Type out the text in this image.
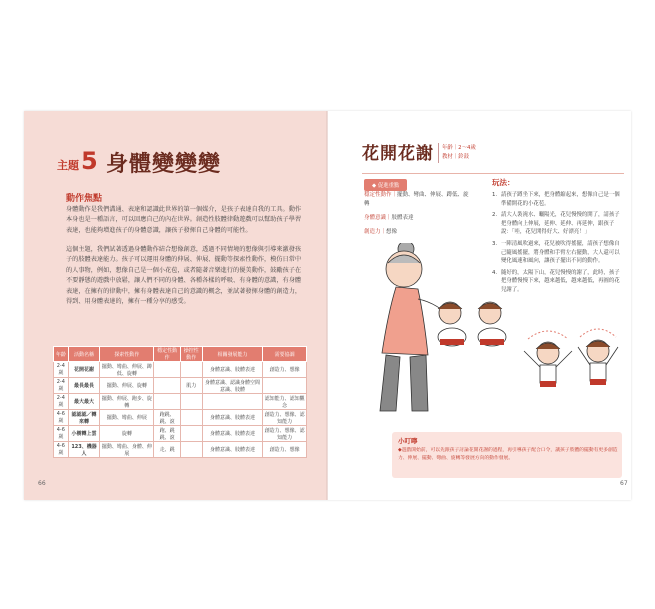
主題 5 身體變變變
動作焦點
身體動作是我們溝通、表達和認識此世界的第一個媒介，是孩子表達自我的工具。動作本身也是一種語言，可以回應自己的內在世界。創造性肢體律動遊戲可以幫助孩子學習表達，也能夠增進孩子的身體意識，讓孩子發揮自己身體的可能性。
這個主題，我們試著透過身體動作結合想像創意，透過不同情境的想像與引導來激發孩子的肢體表達能力。孩子可以運用身體的伸展、伸展、擺動等探索性動作，模仿日常中的人事物，例如，想像自己是一個小花苞，或者隨著音樂進行的優美動作，鼓勵孩子在不要靜態的遊戲中放鬆，讓人們不同的身體、各種各樣的呼吸、有身體的意識，有身體表達，在擁有的律動中，擁有身體表達自己的意識的概念，並試著發揮身體的創造力，得到、用身體表達的，擁有一種分享的感受。
年齡	活動名稱	探索性動作	穩定性動作	操控性動作	相關發展能力	需要協調
2-4 歲	花開花謝	擺動、彎曲、伸展、蹲低、旋轉			身體意識、肢體表達	創造力、想像
2-4 歲	最長最長	擺動、伸展、旋轉		肌力	身體意識、認識身體空間意識、肢體	
2-4 歲	最大最大	擺動、伸展、跑步、旋轉				認知能力、認知觀念
4-6 歲	認認認／轉來轉	擺動、彎曲、伸展	跑跳、跳、滾		身體意識、肢體表達	創造力、想像、認知能力
4-6 歲	小樹轉上雲	旋轉	跑、跳跳、滾		身體意識、肢體表達	創造力、想像、認知能力
4-6 歲	123、機器人	擺動、彎曲、身體、伸展	走、跳		身體意識、肢體表達	創造力、想像
66
花開花謝 年齡｜2～4歲
教材｜鈴鼓
◆ 促進重點
穩定性動作｜擺動、彎曲、伸展、蹲低、旋轉
身體意識｜肢體表達
創造力｜想像
玩法：
1. 請孩子蹲坐下來，把身體縮起來，想像自己是一個準備開花的小花苞。
2. 請大人裝澆水、曬陽光，花兒慢慢的開了，請孩子把身體向上伸展，延伸、延伸、再延伸，跟孩子說：「哇，花兒開得好大、好漂亮！」
3. 一陣清風吹過來，花兒被吹得搖擺，請孩子想像自己隨風搖擺，將身體和手臂左右擺動，大人還可以變化風速和風向，讓孩子擺出不同的動作。
4. 隨好的，太陽下山，花兒慢慢的謝了，此時，孩子把身體慢慢下來，越來越低，越來越低，再圓的花兒謝了。
小叮嚀
◆遊戲開始前，可以先跟孩子討論花開花謝的過程，再引導孩子配合口令，讓孩子肢體的擺動有更多創造力、伸展、擺動、彎曲、旋轉等發展方向的動作發展。
67
